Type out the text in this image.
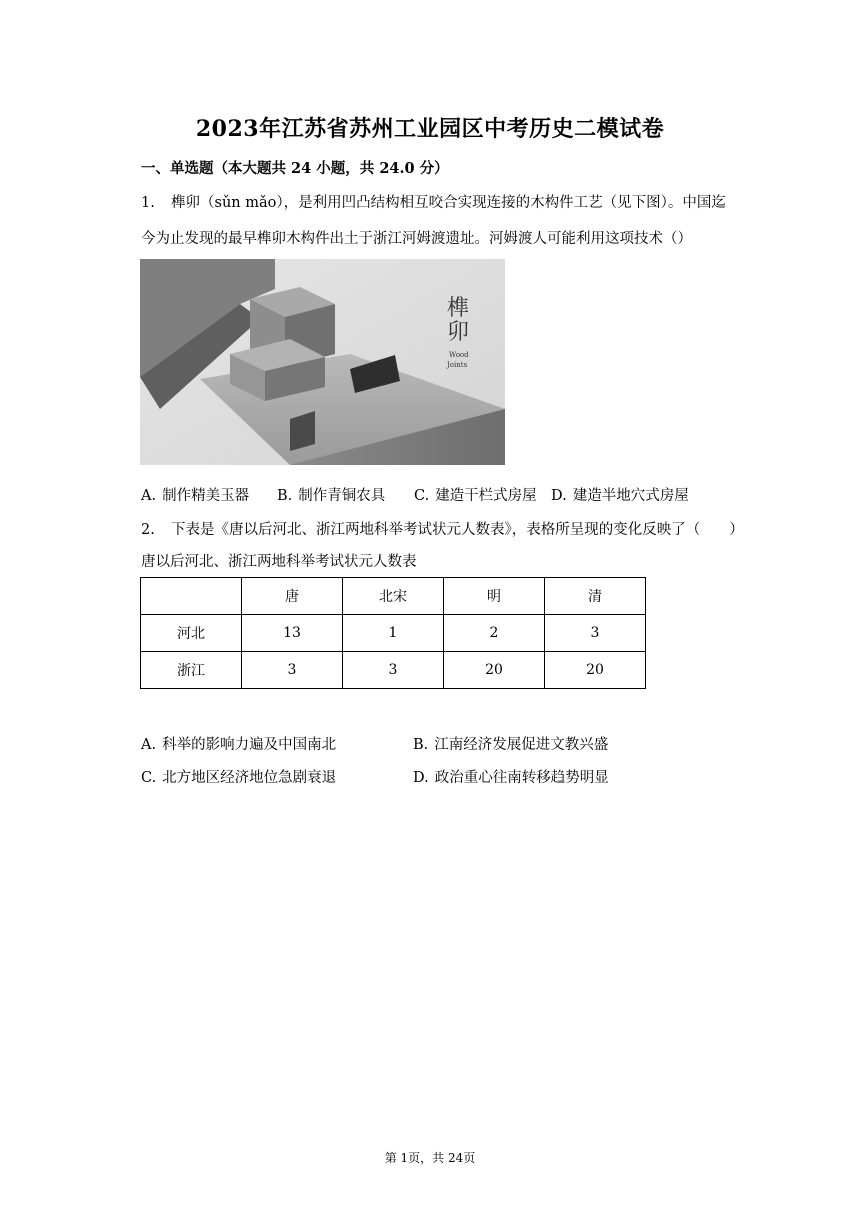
2023年江苏省苏州工业园区中考历史二模试卷
一、单选题（本大题共 24 小题，共 24.0 分）
1. 榫卯（sǔn mǎo），是利用凹凸结构相互咬合实现连接的木构件工艺（见下图）。中国迄
今为止发现的最早榫卯木构件出土于浙江河姆渡遗址。河姆渡人可能利用这项技术（）
榫
卯
Wood
Joints
A. 制作精美玉器 B. 制作青铜农具 C. 建造干栏式房屋 D. 建造半地穴式房屋
2. 下表是《唐以后河北、浙江两地科举考试状元人数表》，表格所呈现的变化反映了（　　）
唐以后河北、浙江两地科举考试状元人数表
	唐	北宋	明	清
河北	13	1	2	3
浙江	3	3	20	20
A. 科举的影响力遍及中国南北	B. 江南经济发展促进文教兴盛
C. 北方地区经济地位急剧衰退	D. 政治重心往南转移趋势明显
第 1页，共 24页
